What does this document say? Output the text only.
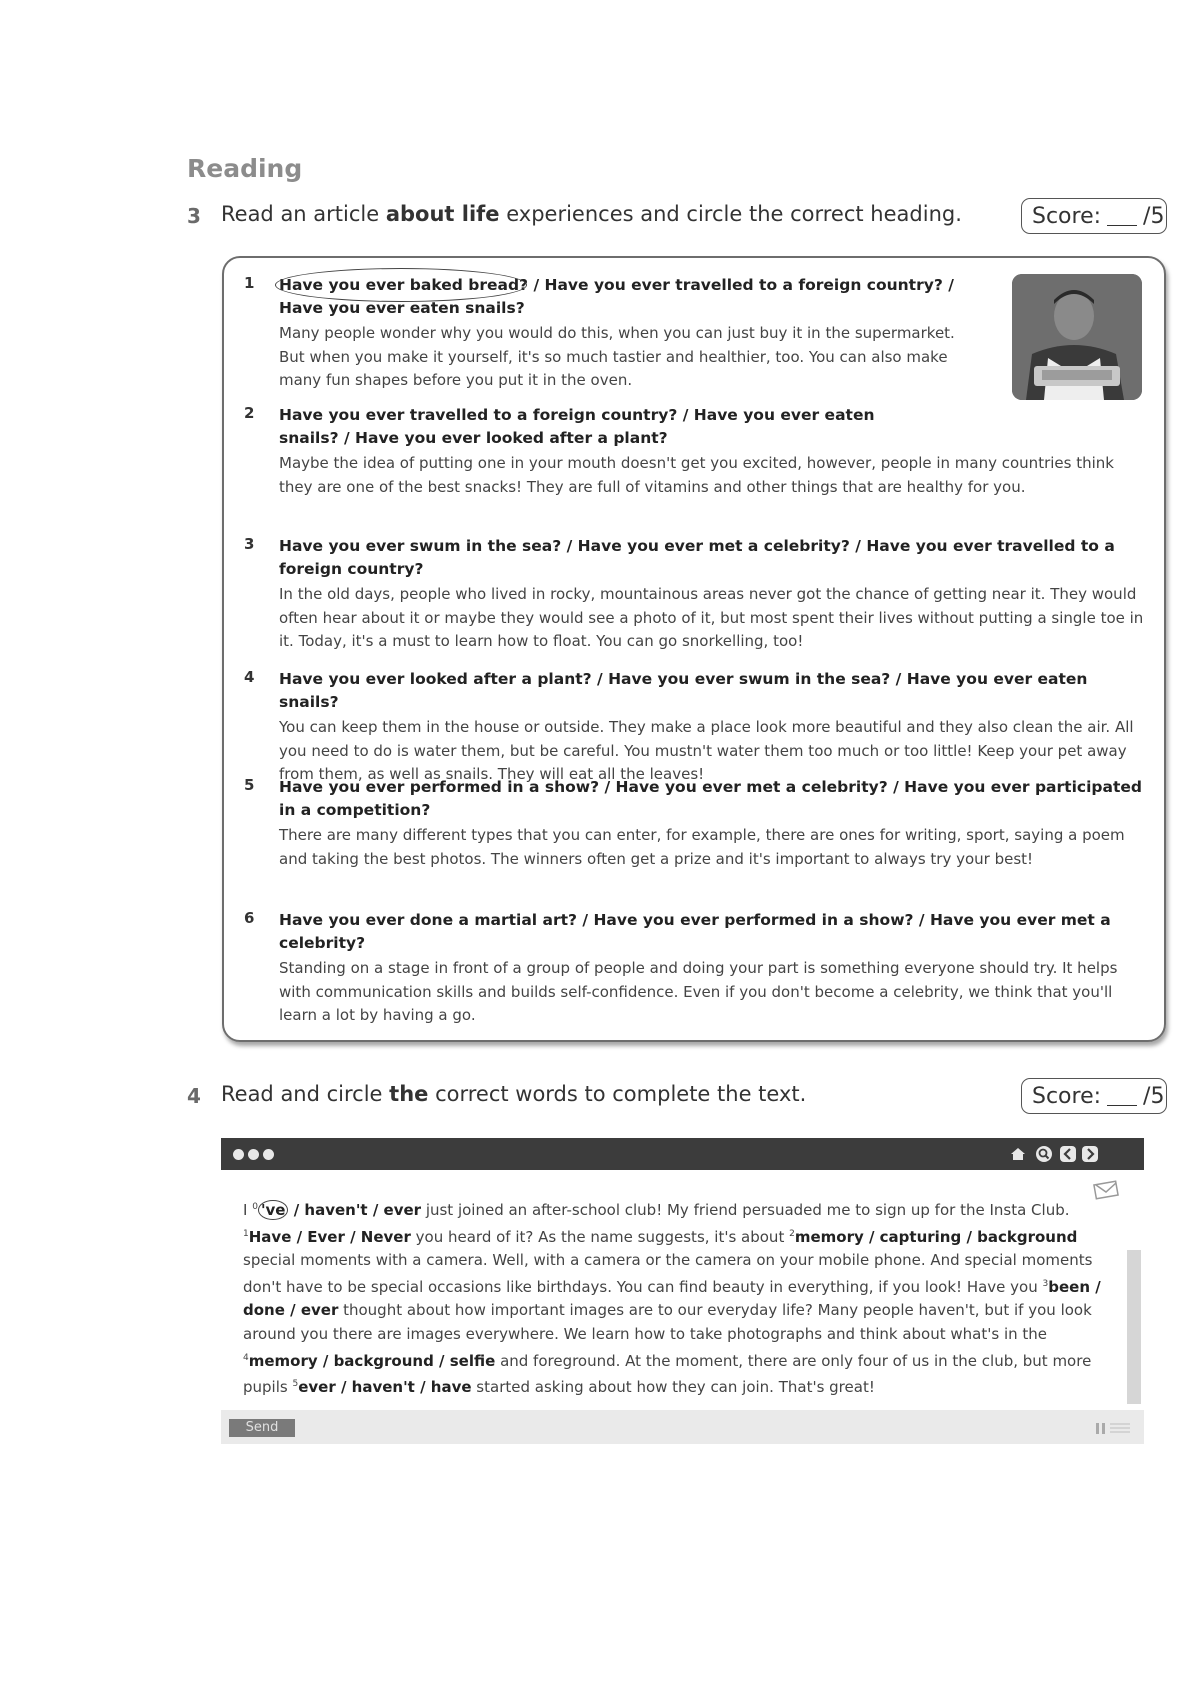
Reading
3 Read an article about life experiences and circle the correct heading.	Score: /5
1 Have you ever baked bread? / Have you ever travelled to a foreign country? / Have you ever eaten snails?
Many people wonder why you would do this, when you can just buy it in the supermarket. But when you make it yourself, it's so much tastier and healthier, too. You can also make many fun shapes before you put it in the oven.
2 Have you ever travelled to a foreign country? / Have you ever eaten snails? / Have you ever looked after a plant?
Maybe the idea of putting one in your mouth doesn't get you excited, however, people in many countries think they are one of the best snacks! They are full of vitamins and other things that are healthy for you.
3 Have you ever swum in the sea? / Have you ever met a celebrity? / Have you ever travelled to a foreign country?
In the old days, people who lived in rocky, mountainous areas never got the chance of getting near it. They would often hear about it or maybe they would see a photo of it, but most spent their lives without putting a single toe in it. Today, it's a must to learn how to float. You can go snorkelling, too!
4 Have you ever looked after a plant? / Have you ever swum in the sea? / Have you ever eaten snails?
You can keep them in the house or outside. They make a place look more beautiful and they also clean the air. All you need to do is water them, but be careful. You mustn't water them too much or too little! Keep your pet away from them, as well as snails. They will eat all the leaves!
5 Have you ever performed in a show? / Have you ever met a celebrity? / Have you ever participated in a competition?
There are many different types that you can enter, for example, there are ones for writing, sport, saying a poem and taking the best photos. The winners often get a prize and it's important to always try your best!
6 Have you ever done a martial art? / Have you ever performed in a show? / Have you ever met a celebrity?
Standing on a stage in front of a group of people and doing your part is something everyone should try. It helps with communication skills and builds self-confidence. Even if you don't become a celebrity, we think that you'll learn a lot by having a go.
4 Read and circle the correct words to complete the text.	Score: /5
I $^0$ 've / haven't / ever just joined an after-school club! My friend persuaded me to sign up for the Insta Club. $^1$Have / Ever / Never you heard of it? As the name suggests, it's about $^2$memory / capturing / background special moments with a camera. Well, with a camera or the camera on your mobile phone. And special moments don't have to be special occasions like birthdays. You can find beauty in everything, if you look! Have you $^3$been / done / ever thought about how important images are to our everyday life? Many people haven't, but if you look around you there are images everywhere. We learn how to take photographs and think about what's in the $^4$memory / background / selfie and foreground. At the moment, there are only four of us in the club, but more pupils $^5$ever / haven't / have started asking about how they can join. That's great!
Send
